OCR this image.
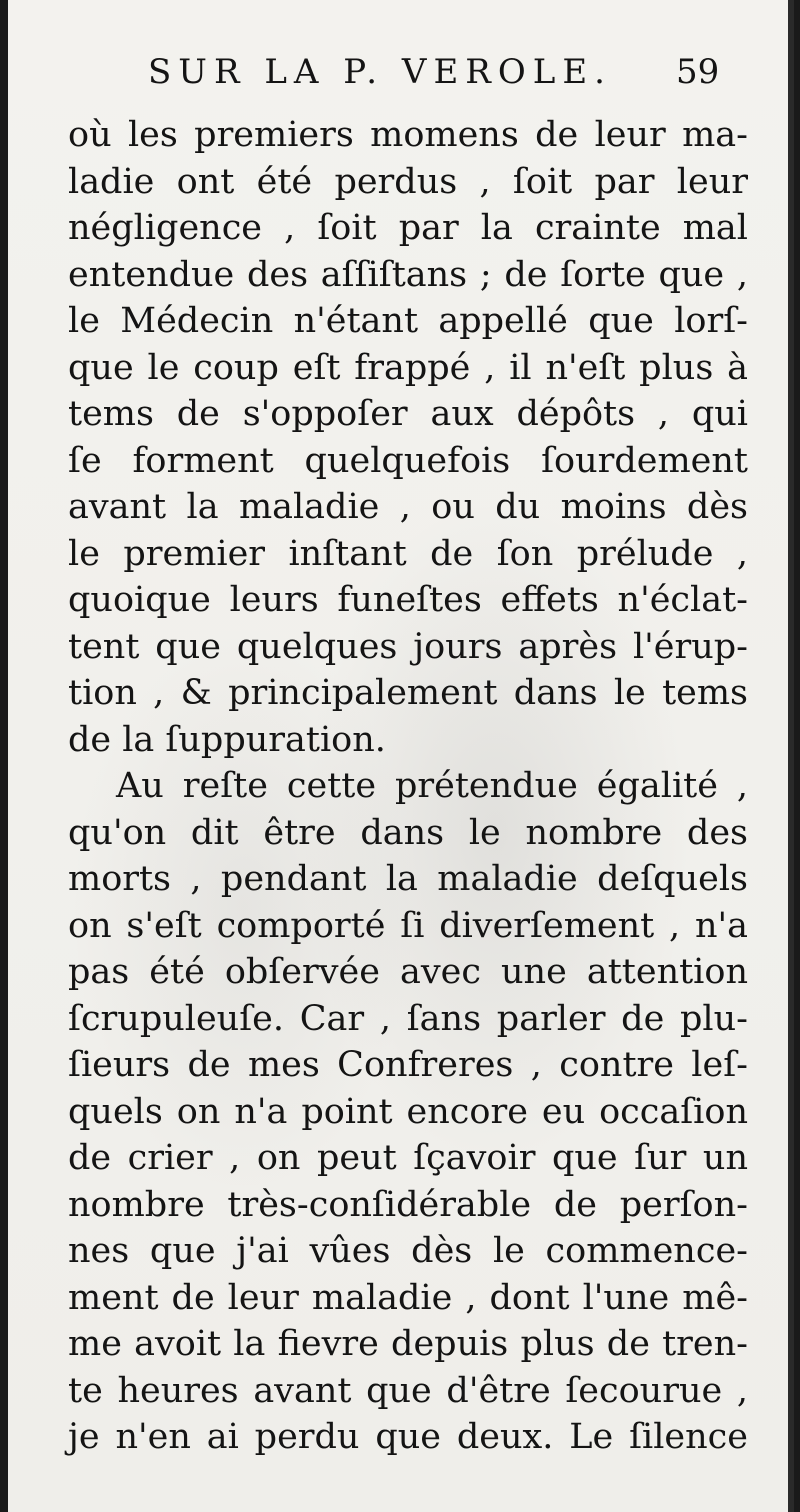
SUR LA P. VEROLE. 59
où les premiers momens de leur ma-
ladie ont été perdus , ſoit par leur
négligence , ſoit par la crainte mal
entendue des aſſiſtans ; de ſorte que ,
le Médecin n'étant appellé que lorſ-
que le coup eſt frappé , il n'eſt plus à
tems de s'oppoſer aux dépôts , qui
ſe forment quelquefois ſourdement
avant la maladie , ou du moins dès
le premier inſtant de ſon prélude ,
quoique leurs funeſtes effets n'éclat-
tent que quelques jours après l'érup-
tion , & principalement dans le tems
de la ſuppuration.
Au reſte cette prétendue égalité ,
qu'on dit être dans le nombre des
morts , pendant la maladie deſquels
on s'eſt comporté ſi diverſement , n'a
pas été obſervée avec une attention
ſcrupuleuſe. Car , ſans parler de plu-
ſieurs de mes Confreres , contre leſ-
quels on n'a point encore eu occaſion
de crier , on peut ſçavoir que ſur un
nombre très-conſidérable de perſon-
nes que j'ai vûes dès le commence-
ment de leur maladie , dont l'une mê-
me avoit la fievre depuis plus de tren-
te heures avant que d'être ſecourue ,
je n'en ai perdu que deux. Le ſilence
